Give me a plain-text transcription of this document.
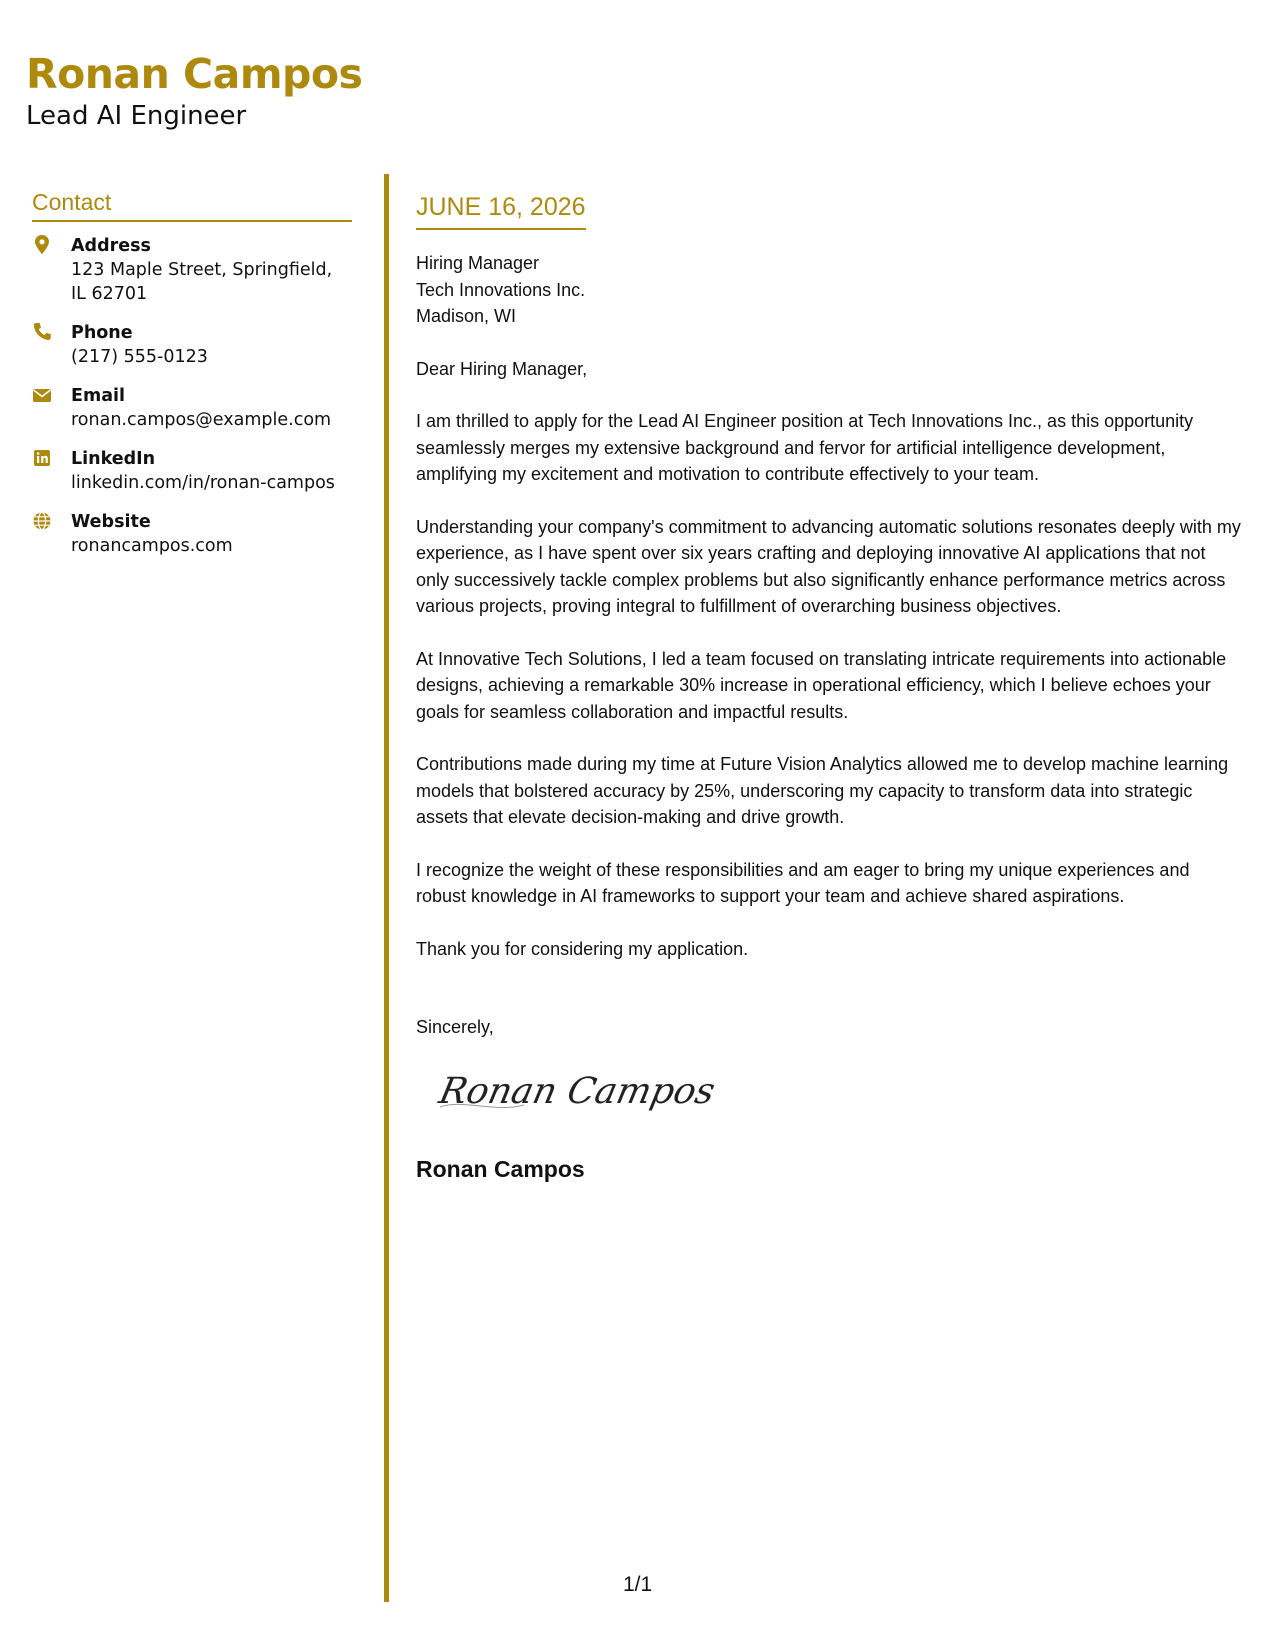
Ronan Campos
Lead AI Engineer
Contact
Address
123 Maple Street, Springfield, IL 62701
Phone
(217) 555-0123
Email
ronan.campos@example.com
LinkedIn
linkedin.com/in/ronan-campos
Website
ronancampos.com
JUNE 16, 2026
Hiring Manager
Tech Innovations Inc.
Madison, WI

Dear Hiring Manager,

I am thrilled to apply for the Lead AI Engineer position at Tech Innovations Inc., as this opportunity seamlessly merges my extensive background and fervor for artificial intelligence development, amplifying my excitement and motivation to contribute effectively to your team.

Understanding your company's commitment to advancing automatic solutions resonates deeply with my experience, as I have spent over six years crafting and deploying innovative AI applications that not only successively tackle complex problems but also significantly enhance performance metrics across various projects, proving integral to fulfillment of overarching business objectives.

At Innovative Tech Solutions, I led a team focused on translating intricate requirements into actionable designs, achieving a remarkable 30% increase in operational efficiency, which I believe echoes your goals for seamless collaboration and impactful results.

Contributions made during my time at Future Vision Analytics allowed me to develop machine learning models that bolstered accuracy by 25%, underscoring my capacity to transform data into strategic assets that elevate decision-making and drive growth.

I recognize the weight of these responsibilities and am eager to bring my unique experiences and robust knowledge in AI frameworks to support your team and achieve shared aspirations.

Thank you for considering my application.

Sincerely,
Ronan Campos
Ronan Campos
1/1
